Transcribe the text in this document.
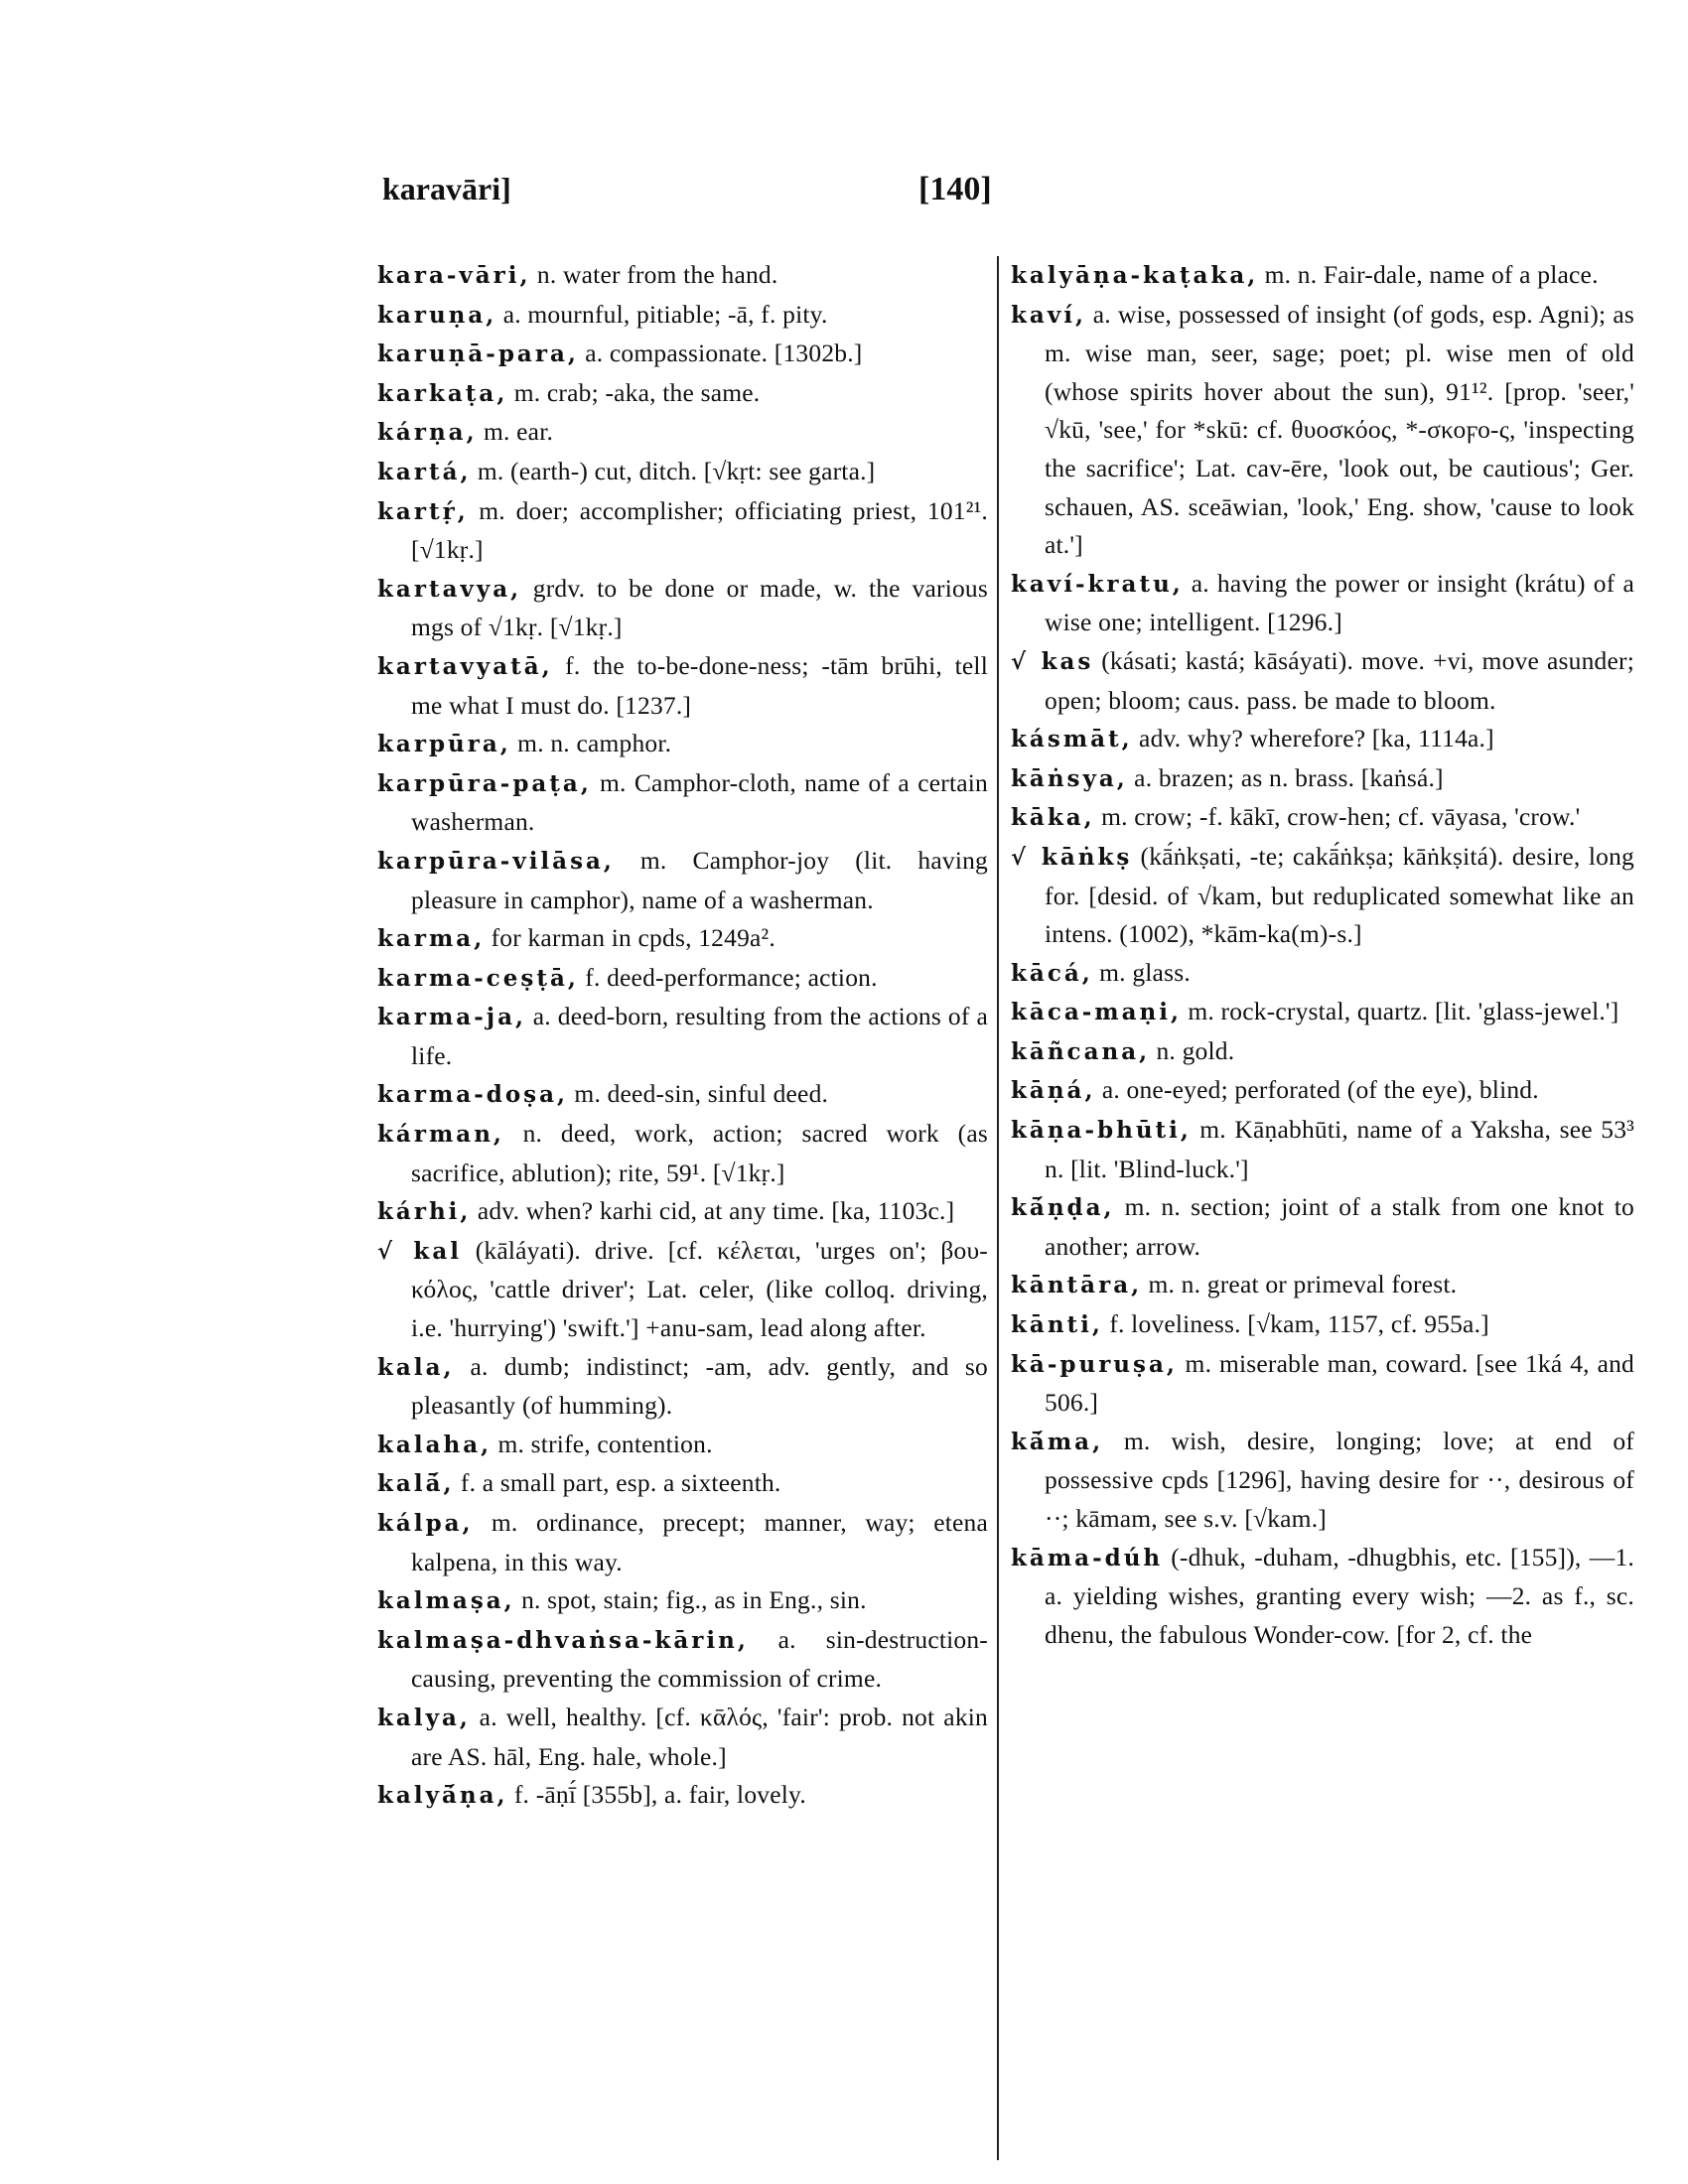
karavāri]	[140]
kara-vāri, n. water from the hand.
karuṇa, a. mournful, pitiable; -ā, f. pity.
karuṇā-para, a. compassionate. [1302b.]
karkaṭa, m. crab; -aka, the same.
kárṇa, m. ear.
kartá, m. (earth-) cut, ditch. [√kṛt: see garta.]
kartṛ́, m. doer; accomplisher; officiating priest, 101²¹. [√1kṛ.]
kartavya, grdv. to be done or made, w. the various mgs of √1kṛ. [√1kṛ.]
kartavyatā, f. the to-be-done-ness; -tām brūhi, tell me what I must do. [1237.]
karpūra, m. n. camphor.
karpūra-paṭa, m. Camphor-cloth, name of a certain washerman.
karpūra-vilāsa, m. Camphor-joy (lit. having pleasure in camphor), name of a washerman.
karma, for karman in cpds, 1249a².
karma-ceṣṭā, f. deed-performance; action.
karma-ja, a. deed-born, resulting from the actions of a life.
karma-doṣa, m. deed-sin, sinful deed.
kárman, n. deed, work, action; sacred work (as sacrifice, ablution); rite, 59¹. [√1kṛ.]
kárhi, adv. when? karhi cid, at any time. [ka, 1103c.]
√ kal (kāláyati). drive. [cf. κέλεται, 'urges on'; βου-κόλος, 'cattle driver'; Lat. celer, (like colloq. driving, i.e. 'hurrying') 'swift.'] +anu-sam, lead along after.
kala, a. dumb; indistinct; -am, adv. gently, and so pleasantly (of humming).
kalaha, m. strife, contention.
kalā́, f. a small part, esp. a sixteenth.
kálpa, m. ordinance, precept; manner, way; etena kalpena, in this way.
kalmaṣa, n. spot, stain; fig., as in Eng., sin.
kalmaṣa-dhvaṅsa-kārin, a. sin-destruction-causing, preventing the commission of crime.
kalya, a. well, healthy. [cf. κᾱλός, 'fair': prob. not akin are AS. hāl, Eng. hale, whole.]
kalyā́ṇa, f. -āṇī́ [355b], a. fair, lovely.
kalyāṇa-kaṭaka, m. n. Fair-dale, name of a place.
kaví, a. wise, possessed of insight (of gods, esp. Agni); as m. wise man, seer, sage; poet; pl. wise men of old (whose spirits hover about the sun), 91¹². [prop. 'seer,' √kū, 'see,' for *skū: cf. θυοσκόος, *-σκοϝο-ς, 'inspecting the sacrifice'; Lat. cav-ēre, 'look out, be cautious'; Ger. schauen, AS. sceāwian, 'look,' Eng. show, 'cause to look at.']
kaví-kratu, a. having the power or insight (krátu) of a wise one; intelligent. [1296.]
√ kas (kásati; kastá; kāsáyati). move. +vi, move asunder; open; bloom; caus. pass. be made to bloom.
kásmāt, adv. why? wherefore? [ka, 1114a.]
kāṅsya, a. brazen; as n. brass. [kaṅsá.]
kāka, m. crow; -f. kākī, crow-hen; cf. vāyasa, 'crow.'
√ kāṅkṣ (kā́ṅkṣati, -te; cakā́ṅkṣa; kāṅkṣitá). desire, long for. [desid. of √kam, but reduplicated somewhat like an intens. (1002), *kām-ka(m)-s.]
kācá, m. glass.
kāca-maṇi, m. rock-crystal, quartz. [lit. 'glass-jewel.']
kāñcana, n. gold.
kāṇá, a. one-eyed; perforated (of the eye), blind.
kāṇa-bhūti, m. Kāṇabhūti, name of a Yaksha, see 53³ n. [lit. 'Blind-luck.']
kā́ṇḍa, m. n. section; joint of a stalk from one knot to another; arrow.
kāntāra, m. n. great or primeval forest.
kānti, f. loveliness. [√kam, 1157, cf. 955a.]
kā-puruṣa, m. miserable man, coward. [see 1ká 4, and 506.]
kā́ma, m. wish, desire, longing; love; at end of possessive cpds [1296], having desire for ··, desirous of ··; kāmam, see s.v. [√kam.]
kāma-dúh (-dhuk, -duham, -dhugbhis, etc. [155]), —1. a. yielding wishes, granting every wish; —2. as f., sc. dhenu, the fabulous Wonder-cow. [for 2, cf. the
